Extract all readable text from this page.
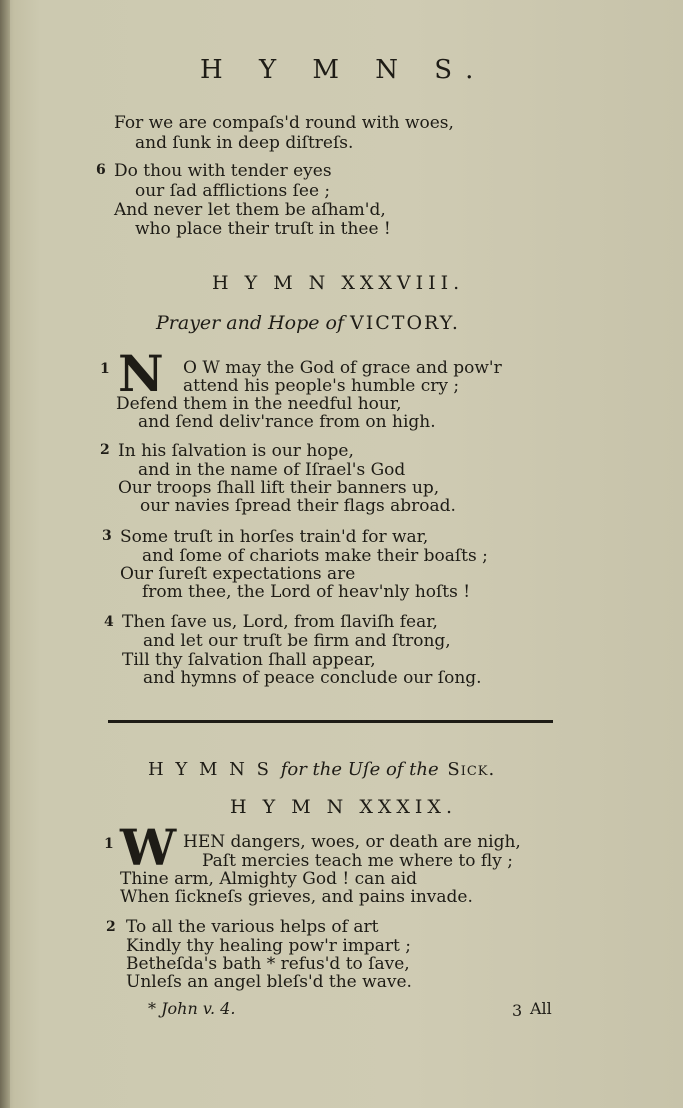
H Y M N S.
For we are compaſs'd round with woes,
and ſunk in deep diſtreſs.
6 Do thou with tender eyes
our ſad afflictions ſee ;
And never let them be aſham'd,
who place their truſt in thee !
H Y M N XXXVIII.
Prayer and Hope of VICTORY.
1 N O W may the God of grace and pow'r
attend his people's humble cry ;
Defend them in the needful hour,
and ſend deliv'rance from on high.
2 In his ſalvation is our hope,
and in the name of Iſrael's God
Our troops ſhall lift their banners up,
our navies ſpread their flags abroad.
3 Some truſt in horſes train'd for war,
and ſome of chariots make their boaſts ;
Our ſureſt expectations are
from thee, the Lord of heav'nly hoſts !
4 Then ſave us, Lord, from ſlaviſh fear,
and let our truſt be firm and ſtrong,
Till thy ſalvation ſhall appear,
and hymns of peace conclude our ſong.
H Y M N S for the Uſe of the Sick.
H Y M N XXXIX.
1 W HEN dangers, woes, or death are nigh,
Paſt mercies teach me where to fly ;
Thine arm, Almighty God ! can aid
When ſickneſs grieves, and pains invade.
2 To all the various helps of art
Kindly thy healing pow'r impart ;
Betheſda's bath * refus'd to ſave,
Unleſs an angel bleſs'd the wave.
* John v. 4.	3 All
